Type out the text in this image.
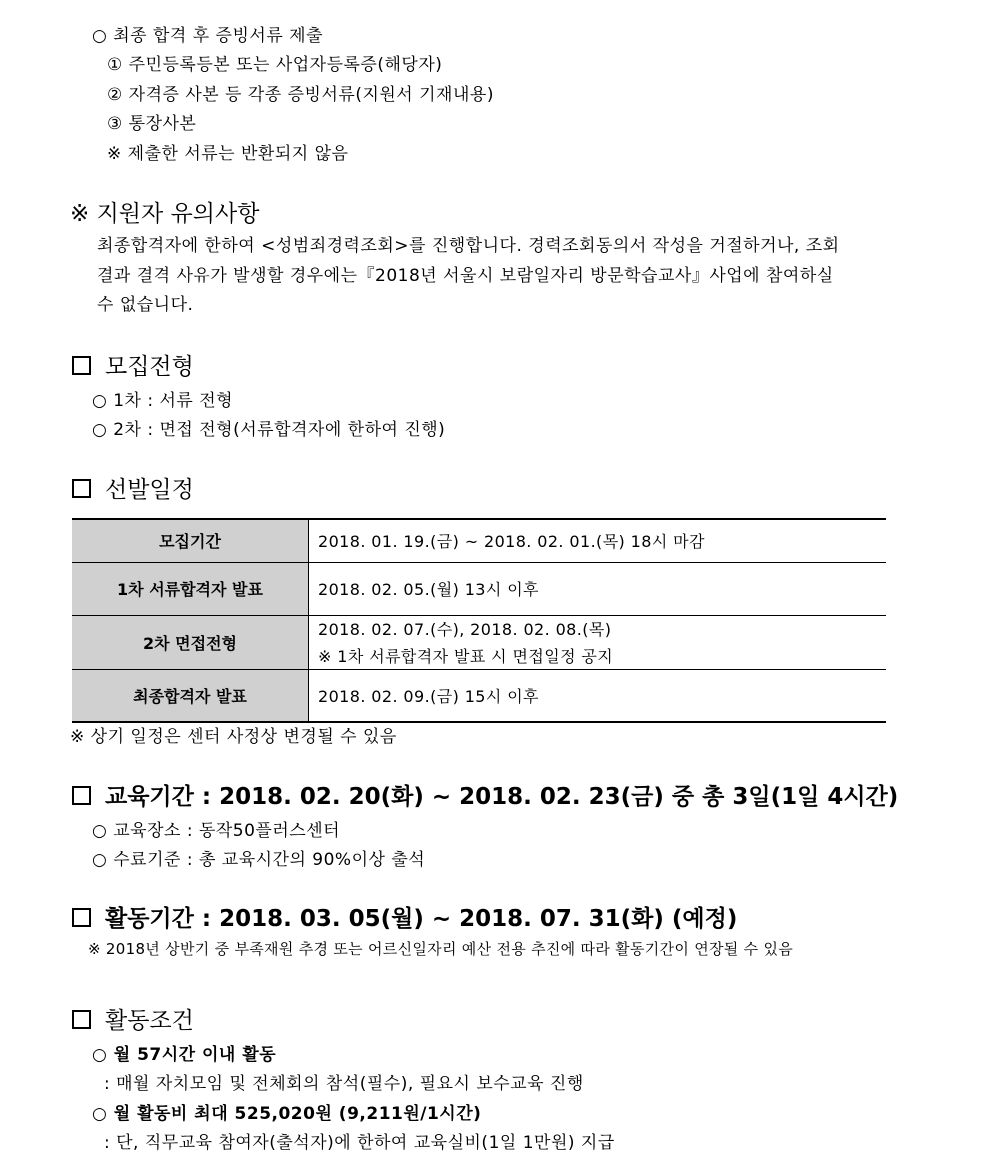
○ 최종 합격 후 증빙서류 제출
① 주민등록등본 또는 사업자등록증(해당자)
② 자격증 사본 등 각종 증빙서류(지원서 기재내용)
③ 통장사본
※ 제출한 서류는 반환되지 않음
※ 지원자 유의사항
최종합격자에 한하여 <성범죄경력조회>를 진행합니다. 경력조회동의서 작성을 거절하거나, 조회
결과 결격 사유가 발생할 경우에는『2018년 서울시 보람일자리 방문학습교사』사업에 참여하실
수 없습니다.
모집전형
○ 1차 : 서류 전형
○ 2차 : 면접 전형(서류합격자에 한하여 진행)
선발일정
모집기간	2018. 01. 19.(금) ~ 2018. 02. 01.(목) 18시 마감
1차 서류합격자 발표	2018. 02. 05.(월) 13시 이후
2차 면접전형	2018. 02. 07.(수), 2018. 02. 08.(목)
※ 1차 서류합격자 발표 시 면접일정 공지

최종합격자 발표	2018. 02. 09.(금) 15시 이후
※ 상기 일정은 센터 사정상 변경될 수 있음
교육기간 : 2018. 02. 20(화) ~ 2018. 02. 23(금) 중 총 3일(1일 4시간)
○ 교육장소 : 동작50플러스센터
○ 수료기준 : 총 교육시간의 90%이상 출석
활동기간 : 2018. 03. 05(월) ~ 2018. 07. 31(화) (예정)
※ 2018년 상반기 중 부족재원 추경 또는 어르신일자리 예산 전용 추진에 따라 활동기간이 연장될 수 있음
활동조건
○ 월 57시간 이내 활동
: 매월 자치모임 및 전체회의 참석(필수), 필요시 보수교육 진행
○ 월 활동비 최대 525,020원 (9,211원/1시간)
: 단, 직무교육 참여자(출석자)에 한하여 교육실비(1일 1만원) 지급
